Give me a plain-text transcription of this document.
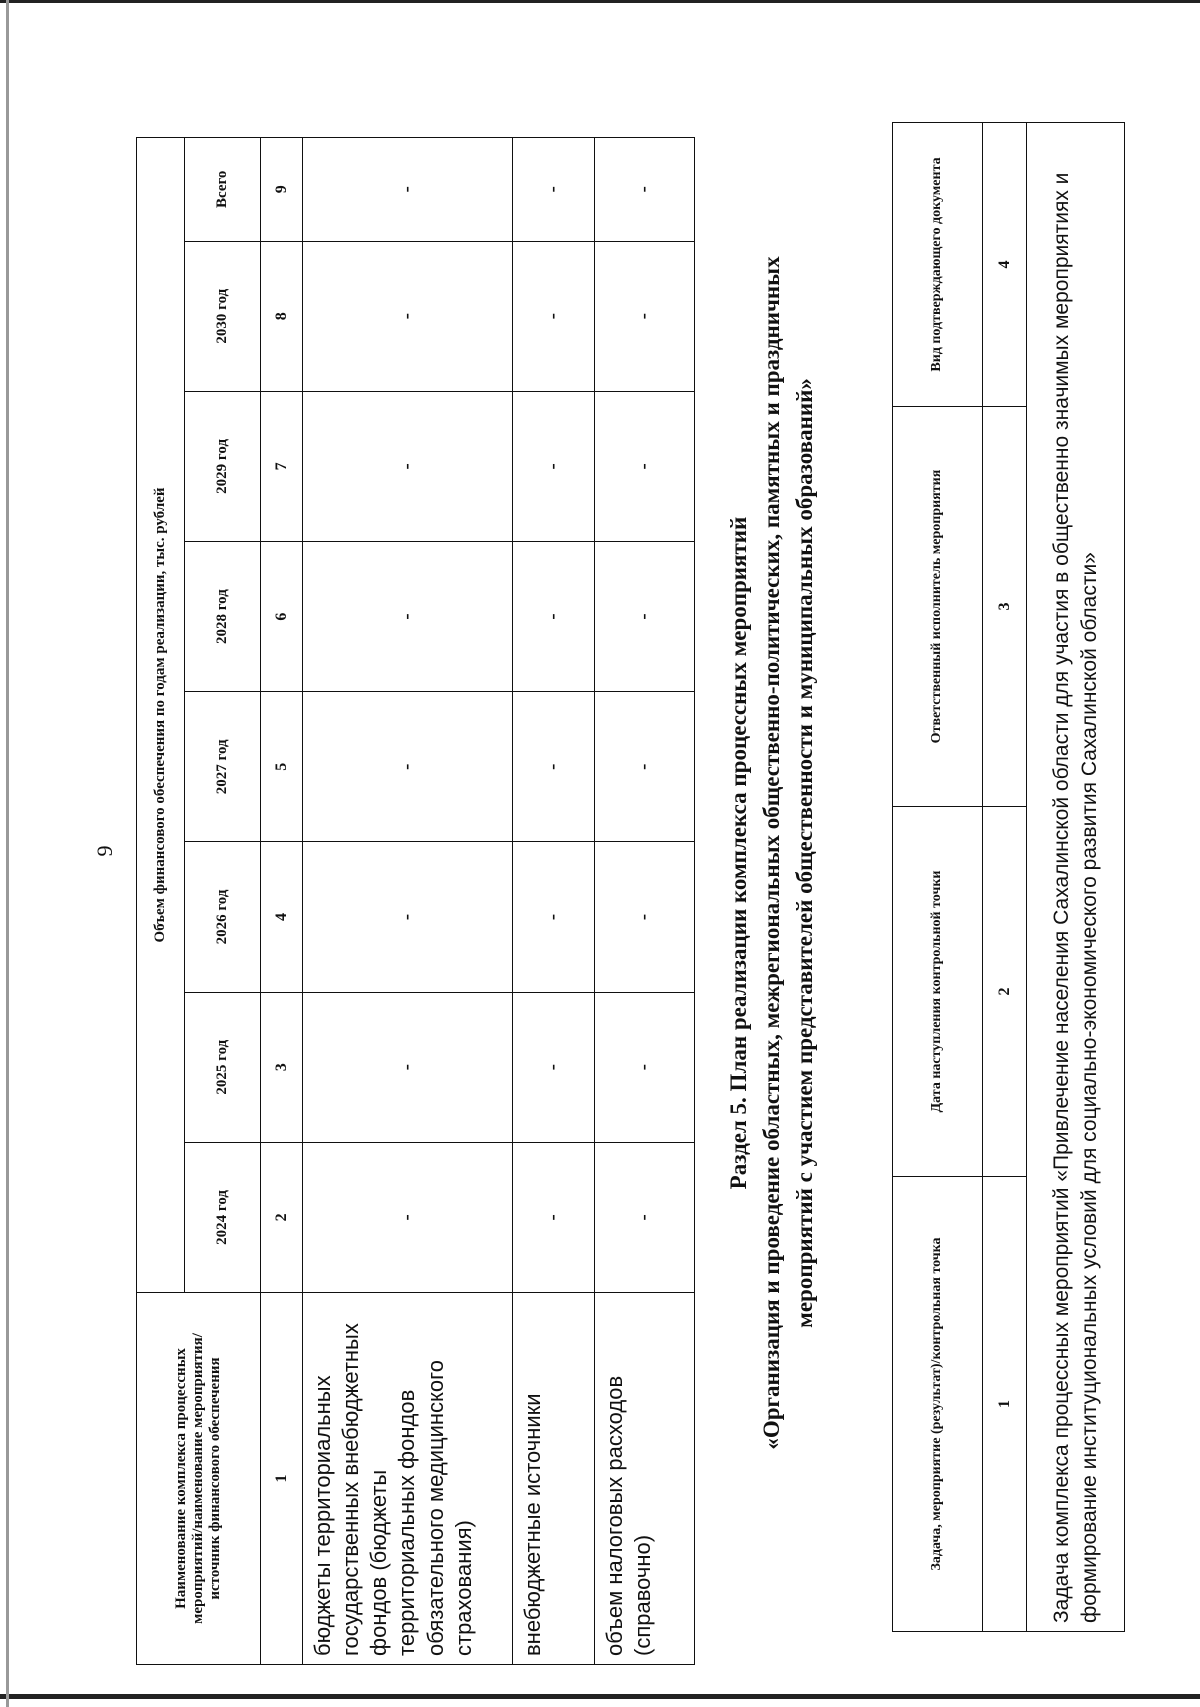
9
Наименование комплекса процессных мероприятий/наименование мероприятия/источник финансового обеспечения	Объем финансового обеспечения по годам реализации, тыс. рублей							
	2024 год	2025 год	2026 год	2027 год	2028 год	2029 год	2030 год	Всего
1	2	3	4	5	6	7	8	9
бюджеты территориальных государственных внебюджетных фондов (бюджеты территориальных фондов обязательного медицинского страхования)	-	-	-	-	-	-	-	-
внебюджетные источники	-	-	-	-	-	-	-	-
объем налоговых расходов (справочно)	-	-	-	-	-	-	-	-
Раздел 5. План реализации комплекса процессных мероприятий «Организация и проведение областных, межрегиональных общественно-политических, памятных и праздничных мероприятий с участием представителей общественности и муниципальных образований»
Задача, мероприятие (результат)/контрольная точка	Дата наступления контрольной точки	Ответственный исполнитель мероприятия	Вид подтверждающего документа
1	2	3	4
Задача комплекса процессных мероприятий «Привлечение населения Сахалинской области для участия в общественно значимых мероприятиях и формирование институциональных условий для социально-экономического развития Сахалинской области»			
